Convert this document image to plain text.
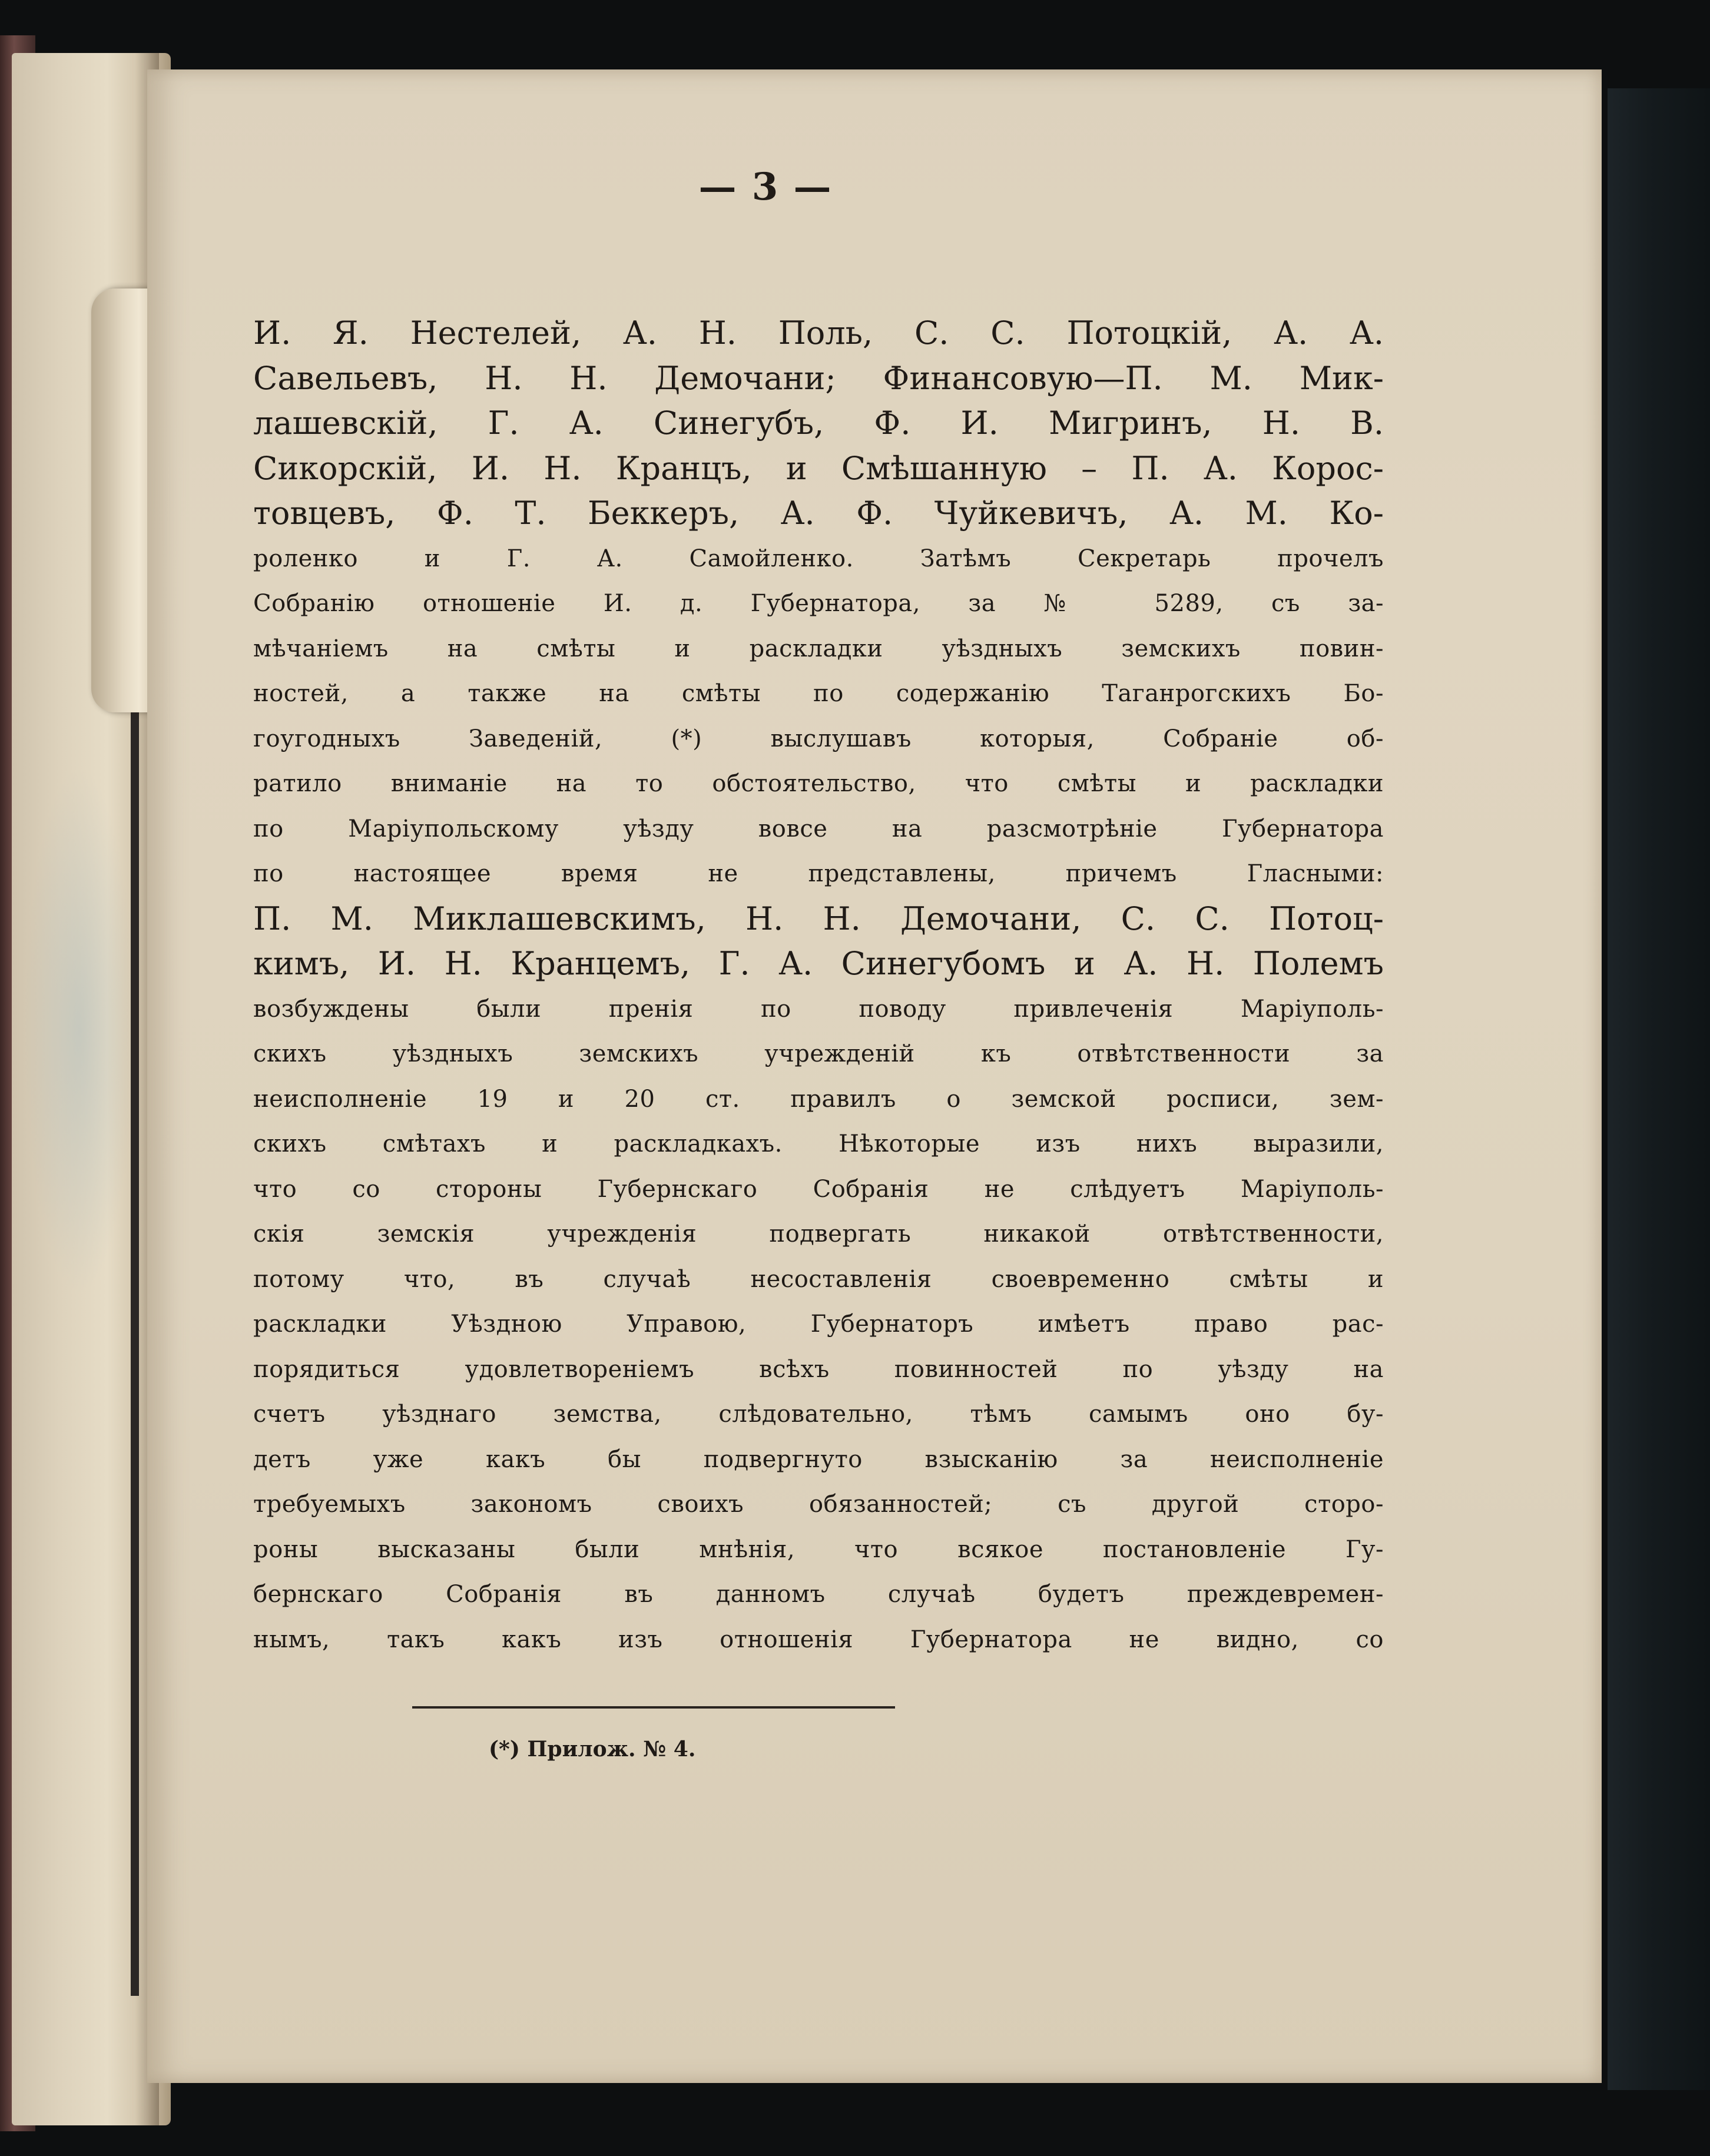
— 3 —
И. Я. Нестелей, А. Н. Поль, С. С. Потоцкій, А. А.
Савельевъ, Н. Н. Демочани; Финансовую—П. М. Мик-
лашевскій, Г. А. Синегубъ, Ф. И. Мигринъ, Н. В.
Сикорскій, И. Н. Кранцъ, и Смѣшанную – П. А. Корос-
товцевъ, Ф. Т. Беккеръ, А. Ф. Чуйкевичъ, А. М. Ко-
роленко и Г. А. Самойленко. Затѣмъ Секретарь прочелъ
Собранію отношеніе И. д. Губернатора, за № 5289, съ за-
мѣчаніемъ на смѣты и раскладки уѣздныхъ земскихъ повин-
ностей, а также на смѣты по содержанію Таганрогскихъ Бо-
гоугодныхъ Заведеній, (*) выслушавъ которыя, Собраніе об-
ратило вниманіе на то обстоятельство, что смѣты и раскладки
по Маріупольскому уѣзду вовсе на разсмотрѣніе Губернатора
по настоящее время не представлены, причемъ Гласными:
П. М. Миклашевскимъ, Н. Н. Демочани, С. С. Потоц-
кимъ, И. Н. Кранцемъ, Г. А. Синегубомъ и А. Н. Полемъ
возбуждены были пренія по поводу привлеченія Маріуполь-
скихъ уѣздныхъ земскихъ учрежденій къ отвѣтственности за
неисполненіе 19 и 20 ст. правилъ о земской росписи, зем-
скихъ смѣтахъ и раскладкахъ. Нѣкоторые изъ нихъ выразили,
что со стороны Губернскаго Собранія не слѣдуетъ Маріуполь-
скія земскія учрежденія подвергать никакой отвѣтственности,
потому что, въ случаѣ несоставленія своевременно смѣты и
раскладки Уѣздною Управою, Губернаторъ имѣетъ право рас-
порядиться удовлетвореніемъ всѣхъ повинностей по уѣзду на
счетъ уѣзднаго земства, слѣдовательно, тѣмъ самымъ оно бу-
детъ уже какъ бы подвергнуто взысканію за неисполненіе
требуемыхъ закономъ своихъ обязанностей; съ другой сторо-
роны высказаны были мнѣнія, что всякое постановленіе Гу-
бернскаго Собранія въ данномъ случаѣ будетъ преждевремен-
нымъ, такъ какъ изъ отношенія Губернатора не видно, со
(*) Прилож. № 4.
